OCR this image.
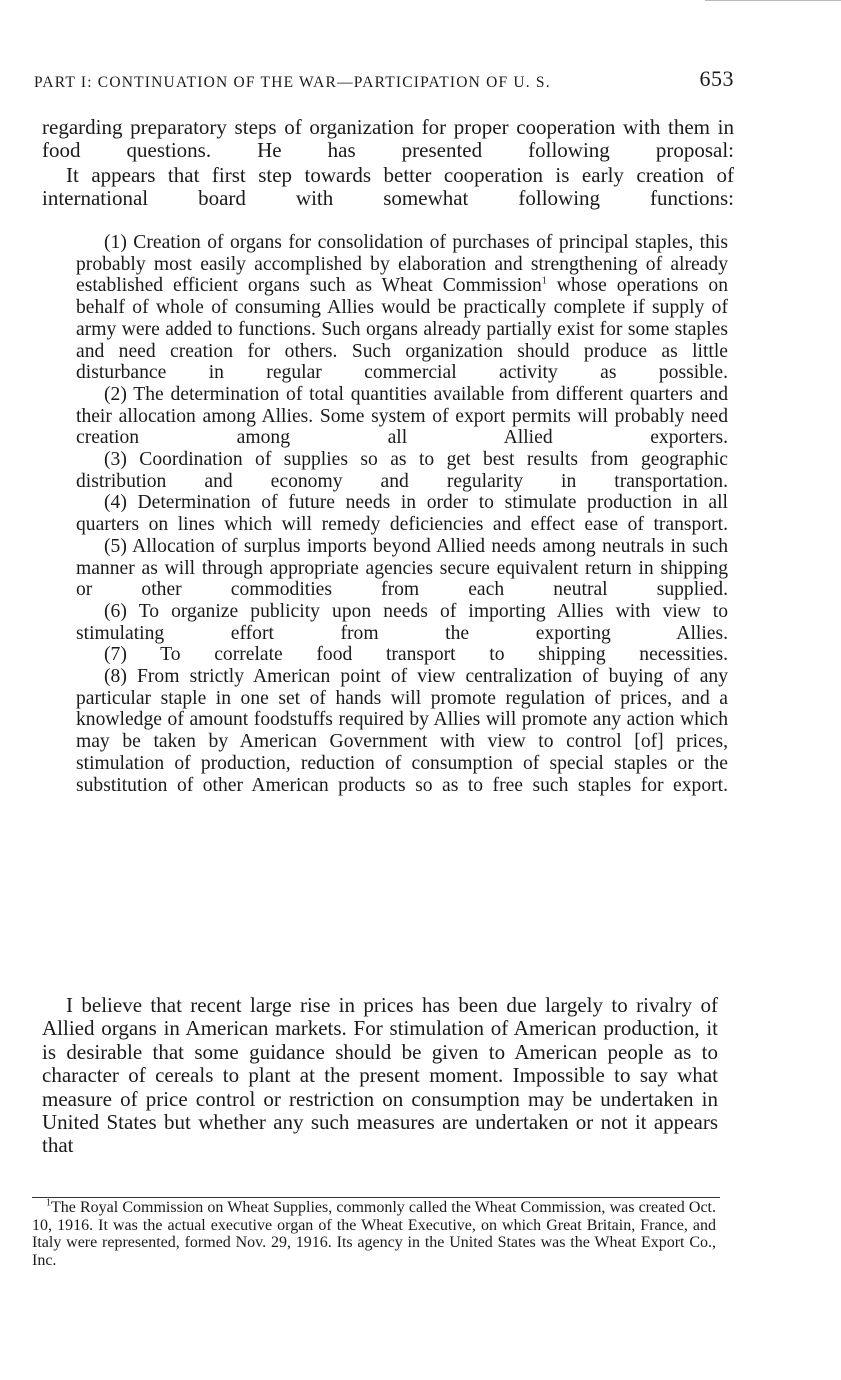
PART I: CONTINUATION OF THE WAR—PARTICIPATION OF U. S.	653

regarding preparatory steps of organization for proper cooperation with them in food questions. He has presented following proposal:

It appears that first step towards better cooperation is early creation of international board with somewhat following functions:

(1) Creation of organs for consolidation of purchases of principal staples, this probably most easily accomplished by elaboration and strengthening of already established efficient organs such as Wheat Commission$^1$ whose operations on behalf of whole of consuming Allies would be practically complete if supply of army were added to functions. Such organs already partially exist for some staples and need creation for others. Such organization should produce as little disturbance in regular commercial activity as possible.

(2) The determination of total quantities available from different quarters and their allocation among Allies. Some system of export permits will probably need creation among all Allied exporters.

(3) Coordination of supplies so as to get best results from geographic distribution and economy and regularity in transportation.

(4) Determination of future needs in order to stimulate production in all quarters on lines which will remedy deficiencies and effect ease of transport.

(5) Allocation of surplus imports beyond Allied needs among neutrals in such manner as will through appropriate agencies secure equivalent return in shipping or other commodities from each neutral supplied.

(6) To organize publicity upon needs of importing Allies with view to stimulating effort from the exporting Allies.

(7) To correlate food transport to shipping necessities.

(8) From strictly American point of view centralization of buying of any particular staple in one set of hands will promote regulation of prices, and a knowledge of amount foodstuffs required by Allies will promote any action which may be taken by American Government with view to control [of] prices, stimulation of production, reduction of consumption of special staples or the substitution of other American products so as to free such staples for export.

I believe that recent large rise in prices has been due largely to rivalry of Allied organs in American markets. For stimulation of American production, it is desirable that some guidance should be given to American people as to character of cereals to plant at the present moment. Impossible to say what measure of price control or restriction on consumption may be undertaken in United States but whether any such measures are undertaken or not it appears that

$^1$The Royal Commission on Wheat Supplies, commonly called the Wheat Commission, was created Oct. 10, 1916. It was the actual executive organ of the Wheat Executive, on which Great Britain, France, and Italy were represented, formed Nov. 29, 1916. Its agency in the United States was the Wheat Export Co., Inc.
